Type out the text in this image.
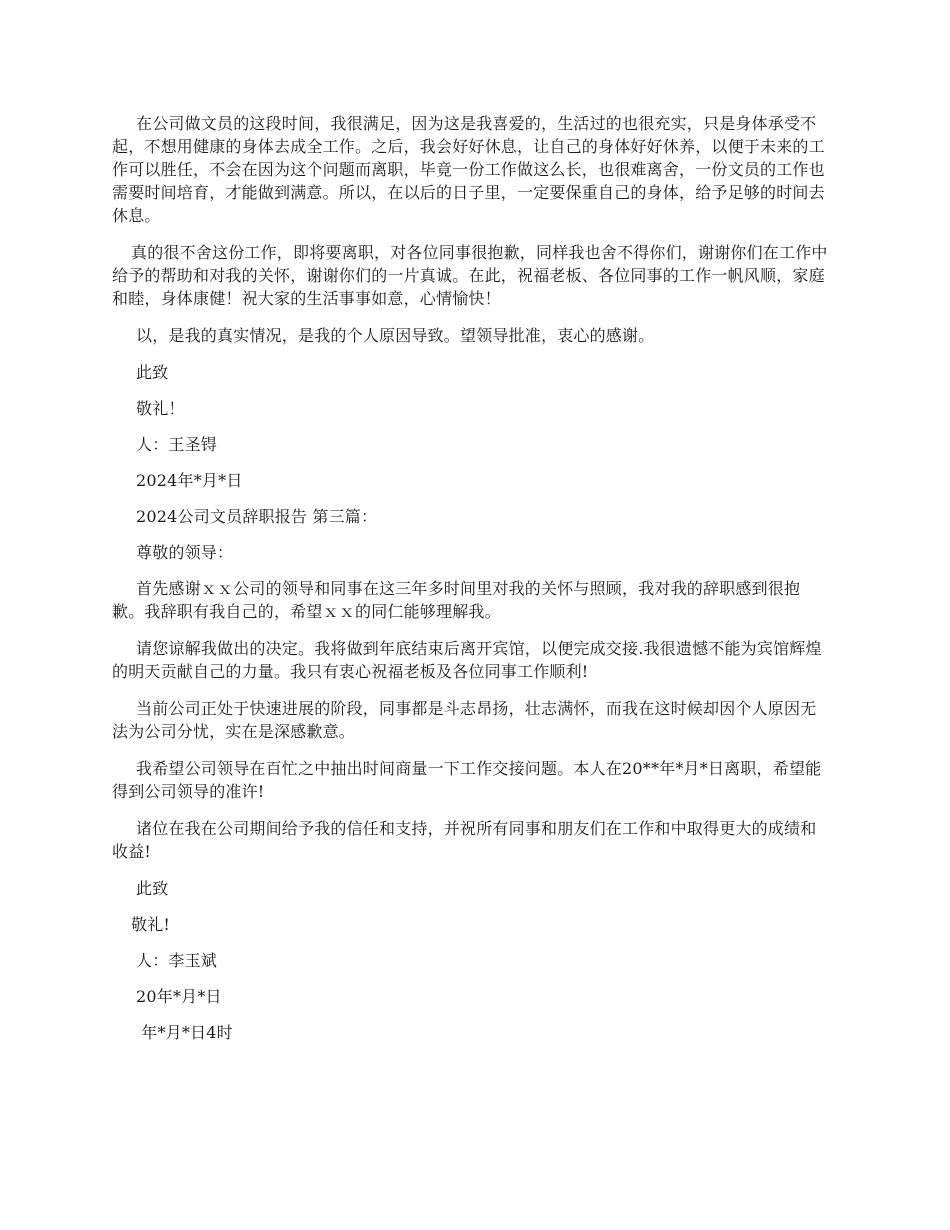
在公司做文员的这段时间，我很满足，因为这是我喜爱的，生活过的也很充实，只是身体承受不起，不想用健康的身体去成全工作。之后，我会好好休息，让自己的身体好好休养，以便于未来的工作可以胜任，不会在因为这个问题而离职，毕竟一份工作做这么长，也很难离舍，一份文员的工作也需要时间培育，才能做到满意。所以，在以后的日子里，一定要保重自己的身体，给予足够的时间去休息。

真的很不舍这份工作，即将要离职，对各位同事很抱歉，同样我也舍不得你们，谢谢你们在工作中给予的帮助和对我的关怀，谢谢你们的一片真诚。在此，祝福老板、各位同事的工作一帆风顺，家庭和睦，身体康健！祝大家的生活事事如意，心情愉快！

以，是我的真实情况，是我的个人原因导致。望领导批准，衷心的感谢。

此致

敬礼！

人：王圣锝

2024年*月*日

2024公司文员辞职报告 第三篇：

尊敬的领导：

首先感谢ｘｘ公司的领导和同事在这三年多时间里对我的关怀与照顾，我对我的辞职感到很抱歉。我辞职有我自己的，希望ｘｘ的同仁能够理解我。

请您谅解我做出的决定。我将做到年底结束后离开宾馆，以便完成交接.我很遗憾不能为宾馆辉煌的明天贡献自己的力量。我只有衷心祝福老板及各位同事工作顺利!

当前公司正处于快速进展的阶段，同事都是斗志昂扬，壮志满怀，而我在这时候却因个人原因无法为公司分忧，实在是深感歉意。

我希望公司领导在百忙之中抽出时间商量一下工作交接问题。本人在20**年*月*日离职，希望能得到公司领导的准许!

诸位在我在公司期间给予我的信任和支持，并祝所有同事和朋友们在工作和中取得更大的成绩和收益!

此致

敬礼!

人：李玉斌

20年*月*日

年*月*日4时
